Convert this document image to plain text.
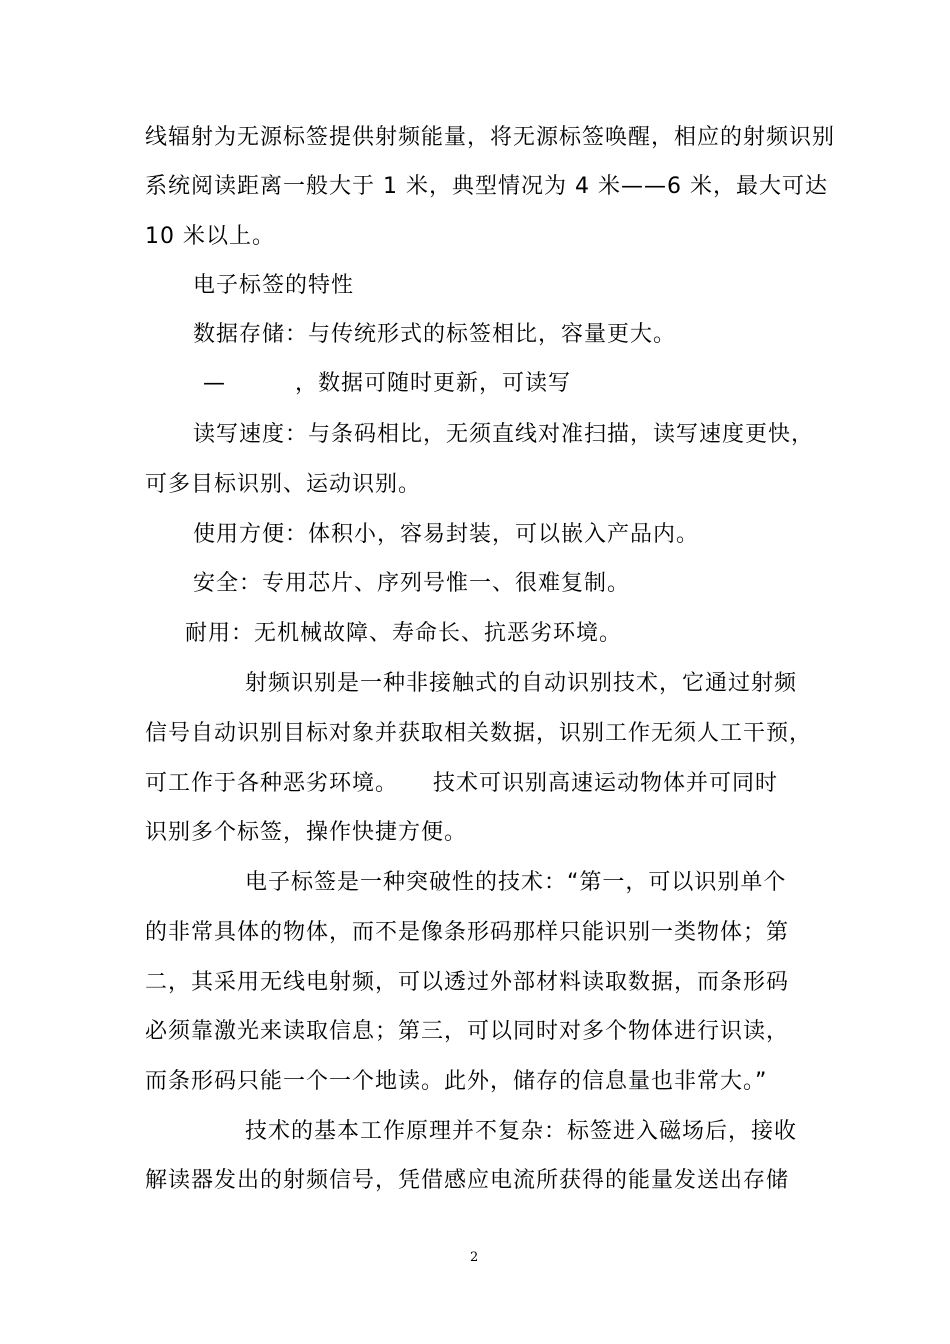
线辐射为无源标签提供射频能量，将无源标签唤醒，相应的射频识别

系统阅读距离一般大于 1 米，典型情况为 4 米——6 米，最大可达

10 米以上。

电子标签的特性

数据存储：与传统形式的标签相比，容量更大。

—　　　，数据可随时更新，可读写

读写速度：与条码相比，无须直线对准扫描，读写速度更快，

可多目标识别、运动识别。

使用方便：体积小，容易封装，可以嵌入产品内。

安全：专用芯片、序列号惟一、很难复制。

耐用：无机械故障、寿命长、抗恶劣环境。

射频识别是一种非接触式的自动识别技术，它通过射频

信号自动识别目标对象并获取相关数据，识别工作无须人工干预，

可工作于各种恶劣环境。　　技术可识别高速运动物体并可同时

识别多个标签，操作快捷方便。

电子标签是一种突破性的技术：“第一，可以识别单个

的非常具体的物体，而不是像条形码那样只能识别一类物体；第

二，其采用无线电射频，可以透过外部材料读取数据，而条形码

必须靠激光来读取信息；第三，可以同时对多个物体进行识读，

而条形码只能一个一个地读。此外，储存的信息量也非常大。”

技术的基本工作原理并不复杂：标签进入磁场后，接收

解读器发出的射频信号，凭借感应电流所获得的能量发送出存储

2
